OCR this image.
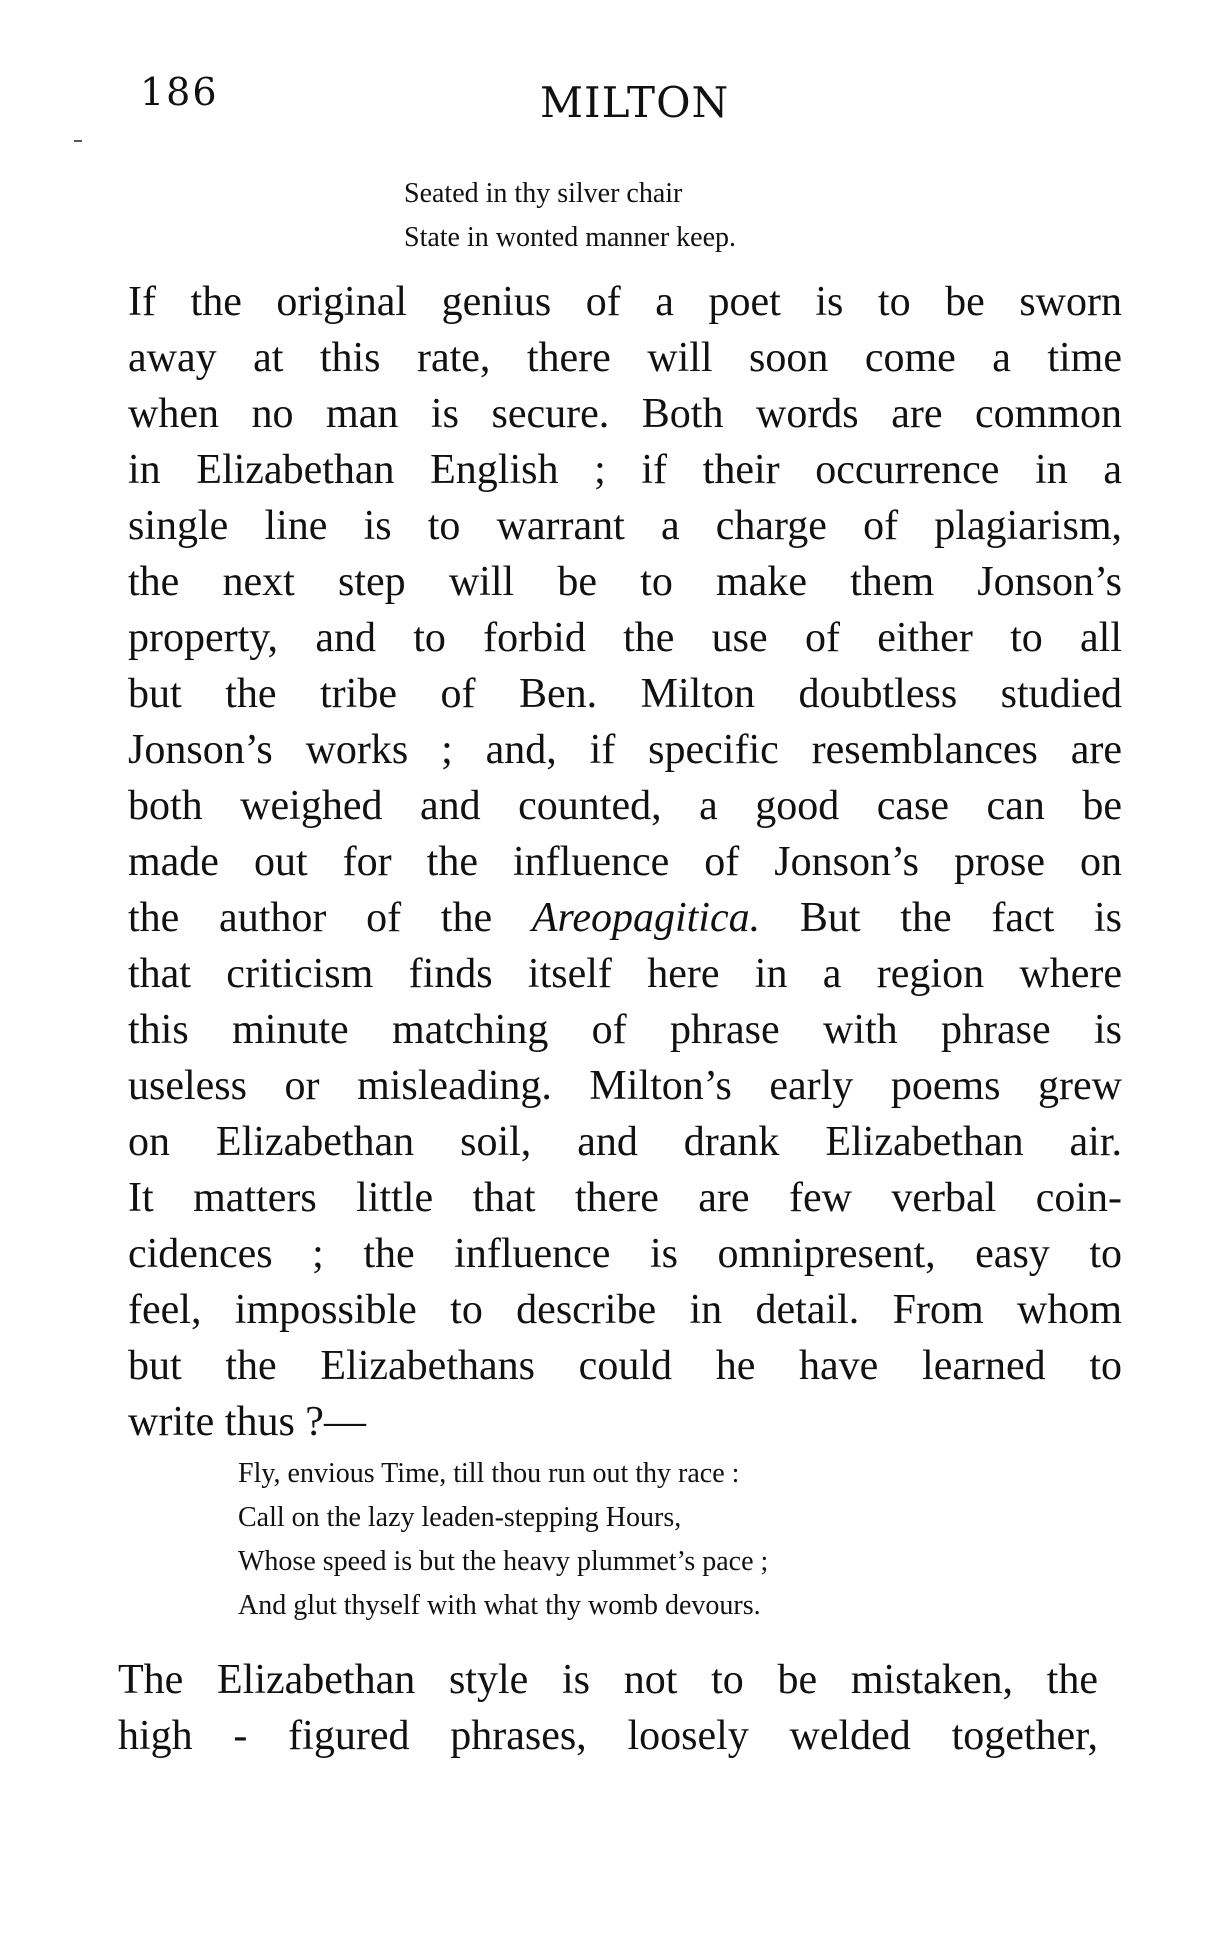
186	MILTON
Seated in thy silver chair
State in wonted manner keep.
If the original genius of a poet is to be sworn
away at this rate, there will soon come a time
when no man is secure. Both words are common
in Elizabethan English ; if their occurrence in a
single line is to warrant a charge of plagiarism,
the next step will be to make them Jonson’s
property, and to forbid the use of either to all
but the tribe of Ben. Milton doubtless studied
Jonson’s works ; and, if specific resemblances are
both weighed and counted, a good case can be
made out for the influence of Jonson’s prose on
the author of the Areopagitica. But the fact is
that criticism finds itself here in a region where
this minute matching of phrase with phrase is
useless or misleading. Milton’s early poems grew
on Elizabethan soil, and drank Elizabethan air.
It matters little that there are few verbal coin-
cidences ; the influence is omnipresent, easy to
feel, impossible to describe in detail. From whom
but the Elizabethans could he have learned to
write thus ?—
Fly, envious Time, till thou run out thy race :
Call on the lazy leaden-stepping Hours,
Whose speed is but the heavy plummet’s pace ;
And glut thyself with what thy womb devours.
The Elizabethan style is not to be mistaken, the
high - figured phrases, loosely welded together,
